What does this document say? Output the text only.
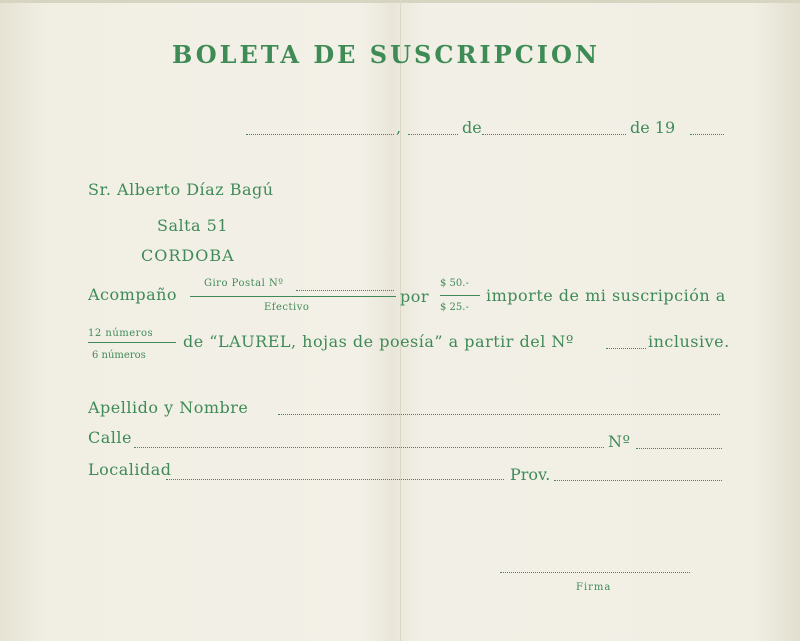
BOLETA DE SUSCRIPCION
,	de	de 19
Sr. Alberto Díaz Bagú
Salta 51
CORDOBA
Acompaño
Giro Postal Nº
Efectivo
por
$ 50.-
$ 25.-
importe de mi suscripción a
12 números
6 números
de “LAUREL, hojas de poesía” a partir del Nº	inclusive.
Apellido y Nombre
Calle	Nº
Localidad	Prov.
Firma
